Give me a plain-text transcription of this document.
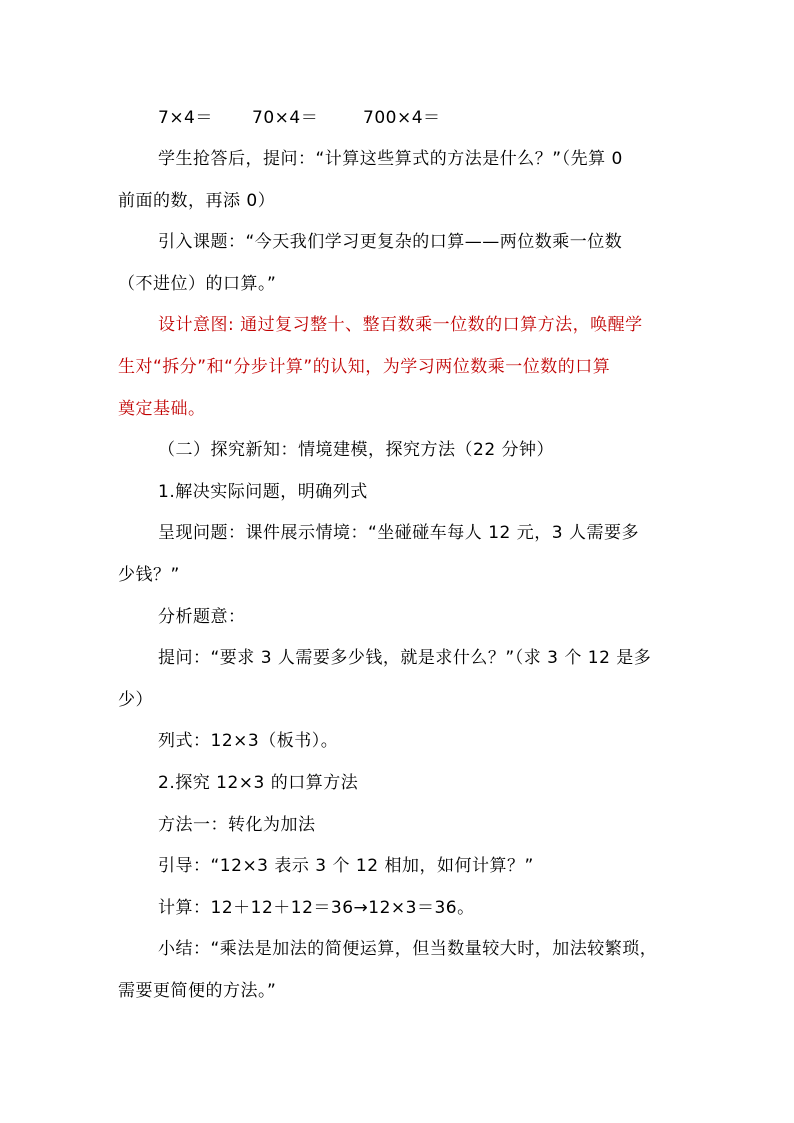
7×4＝ 70×4＝	700×4＝
学生抢答后，提问：“计算这些算式的方法是什么？”（先算 0
前面的数，再添 0）
引入课题：“今天我们学习更复杂的口算——两位数乘一位数
（不进位）的口算。”
设计意图: 通过复习整十、整百数乘一位数的口算方法，唤醒学
生对“拆分”和“分步计算”的认知，为学习两位数乘一位数的口算
奠定基础。
（二）探究新知：情境建模，探究方法（22 分钟）
1.解决实际问题，明确列式
呈现问题：课件展示情境：“坐碰碰车每人 12 元，3 人需要多
少钱？”
分析题意：
提问：“要求 3 人需要多少钱，就是求什么？”（求 3 个 12 是多
少）
列式：12×3（板书）。
2.探究 12×3 的口算方法
方法一：转化为加法
引导：“12×3 表示 3 个 12 相加，如何计算？”
计算：12＋12＋12＝36→12×3＝36。
小结：“乘法是加法的简便运算，但当数量较大时，加法较繁琐，
需要更简便的方法。”
